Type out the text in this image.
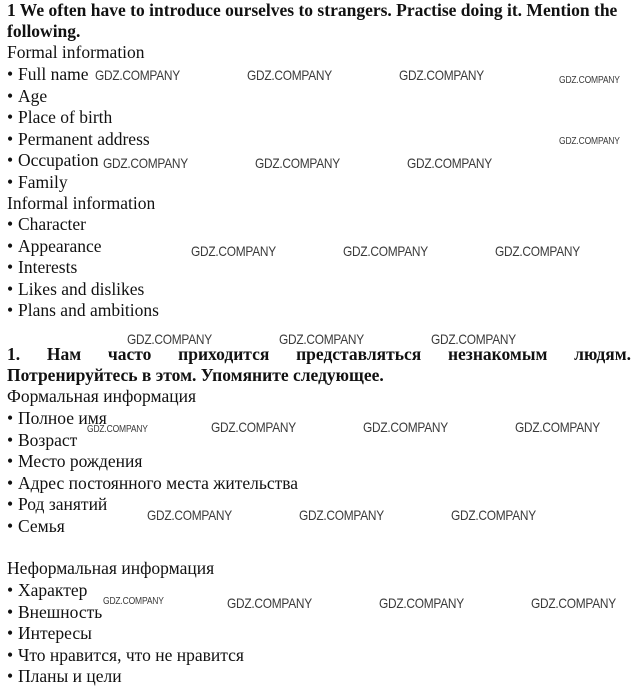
1 We often have to introduce ourselves to strangers. Practise doing it. Mention the following.

Formal information

• Full name
• Age
• Place of birth
• Permanent address
• Occupation
• Family

Informal information

• Character
• Appearance
• Interests
• Likes and dislikes
• Plans and ambitions

1. Нам часто приходится представляться незнакомым людям. Потренируйтесь в этом. Упомяните следующее.

Формальная информация

• Полное имя
• Возраст
• Место рождения
• Адрес постоянного места жительства
• Род занятий
• Семья

Неформальная информация

• Характер
• Внешность
• Интересы
• Что нравится, что не нравится
• Планы и цели
GDZ.COMPANY	GDZ.COMPANY	GDZ.COMPANY	GDZ.COMPANY
GDZ.COMPANY
GDZ.COMPANY	GDZ.COMPANY	GDZ.COMPANY
GDZ.COMPANY	GDZ.COMPANY	GDZ.COMPANY
GDZ.COMPANY	GDZ.COMPANY	GDZ.COMPANY
GDZ.COMPANY	GDZ.COMPANY	GDZ.COMPANY	GDZ.COMPANY
GDZ.COMPANY	GDZ.COMPANY	GDZ.COMPANY
GDZ.COMPANY	GDZ.COMPANY	GDZ.COMPANY	GDZ.COMPANY
